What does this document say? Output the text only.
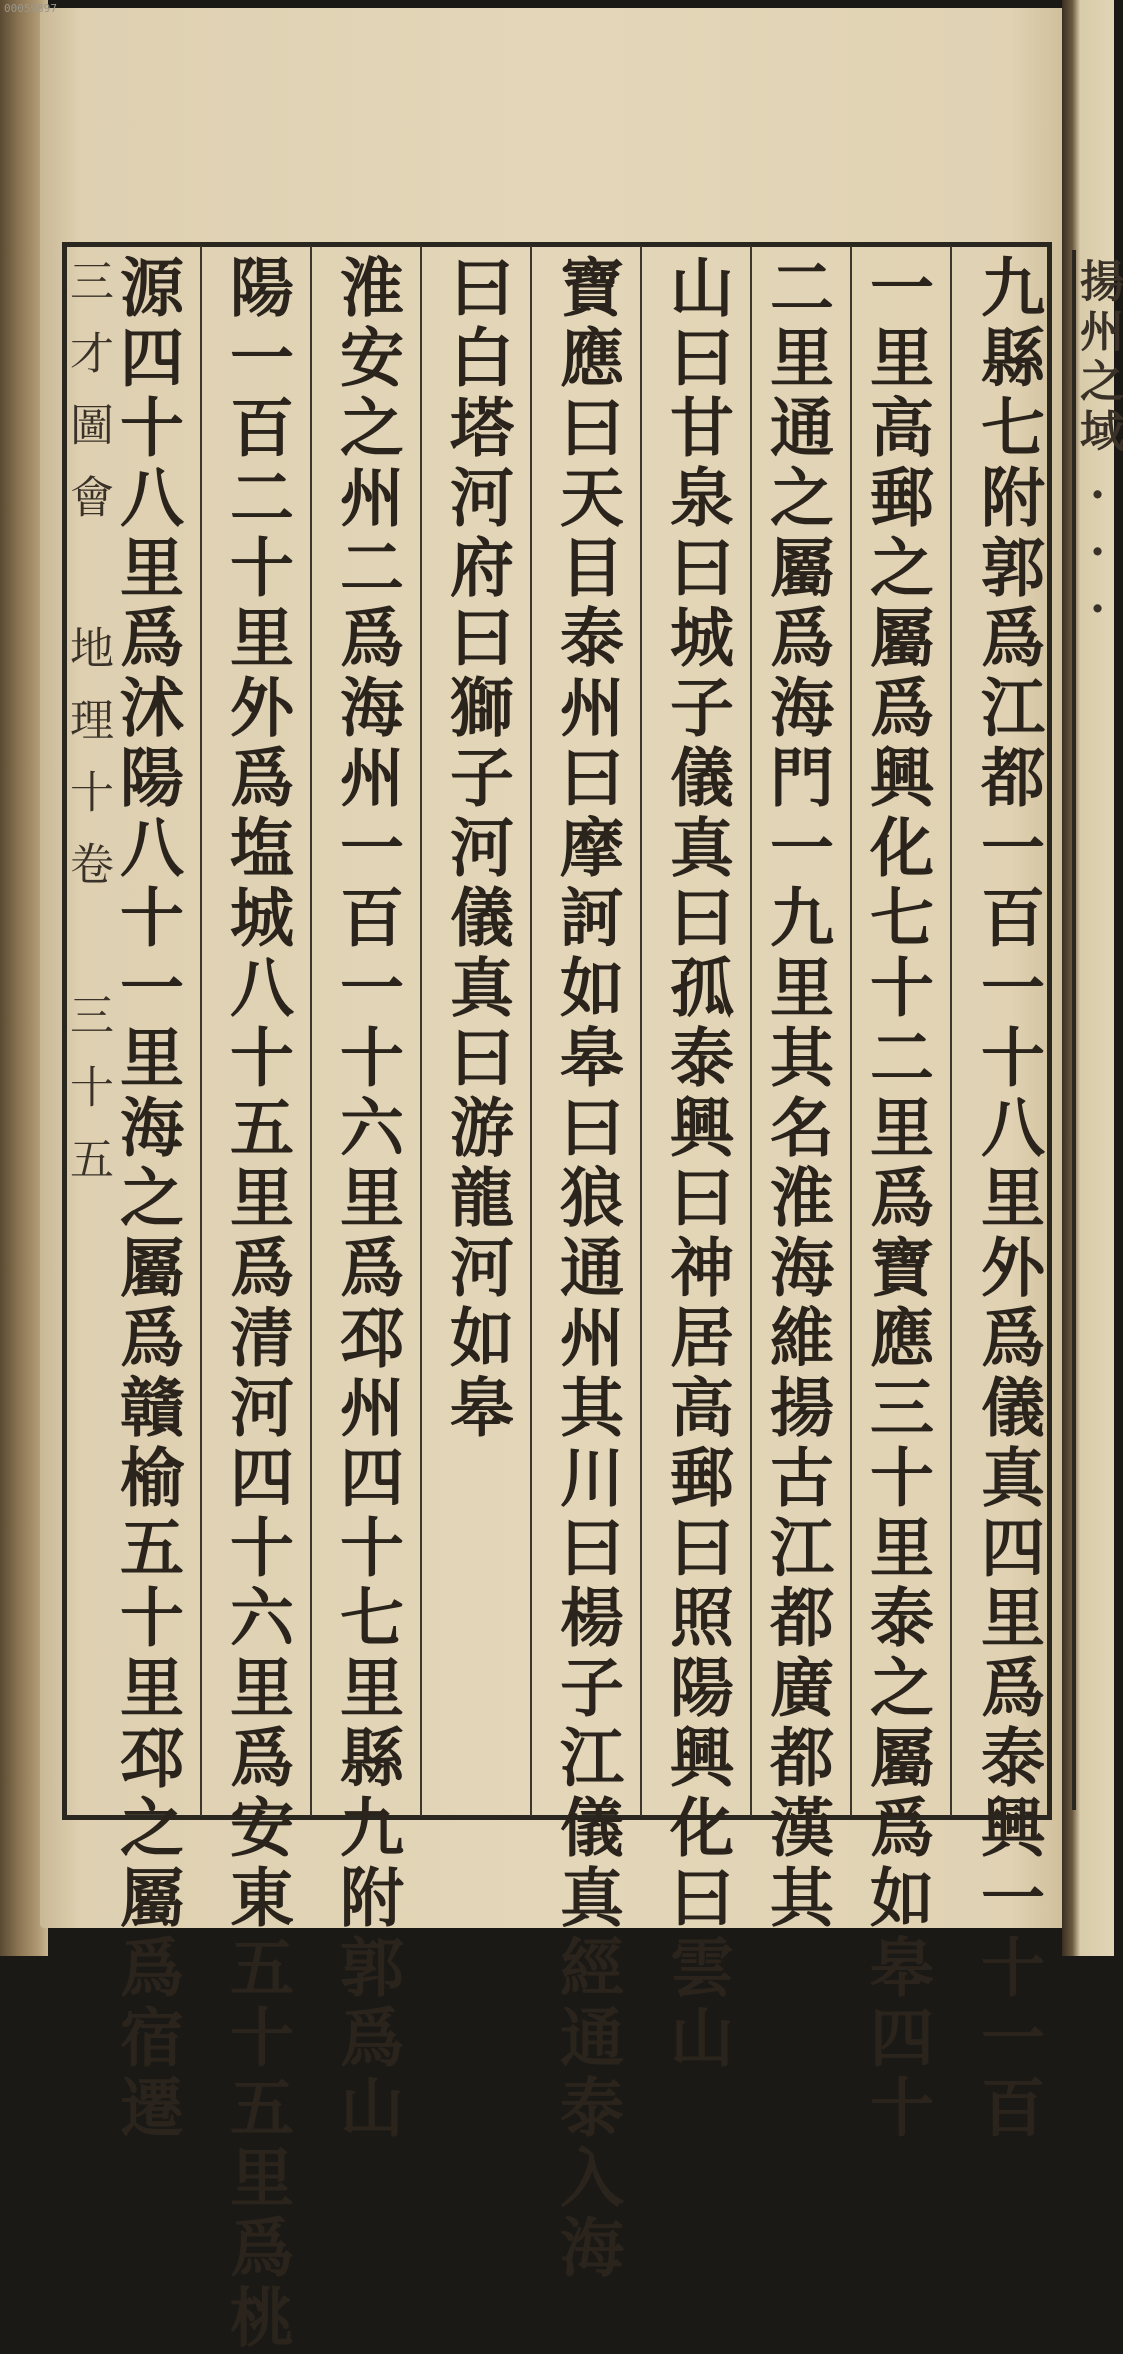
00059897
三才圖會 地理十卷 三十五	九縣七附郭爲江都一百一十八里外爲儀真四里爲泰興一十一百
一里高郵之屬爲興化七十二里爲寶應三十里泰之屬爲如皋四十
二里通之屬爲海門一九里其名淮海維揚古江都廣都漢其
山曰甘泉曰城子儀真曰孤泰興曰神居高郵曰照陽興化曰雲山
寶應曰天目泰州曰摩訶如皋曰狼通州其川曰楊子江儀真經通泰入海
曰白塔河府曰獅子河儀真曰游龍河如皋
淮安之州二爲海州一百一十六里爲邳州四十七里縣九附郭爲山
陽一百二十里外爲塩城八十五里爲清河四十六里爲安東五十五里爲桃
源四十八里爲沭陽八十一里海之屬爲贛榆五十里邳之屬爲宿遷	揚州之域...
